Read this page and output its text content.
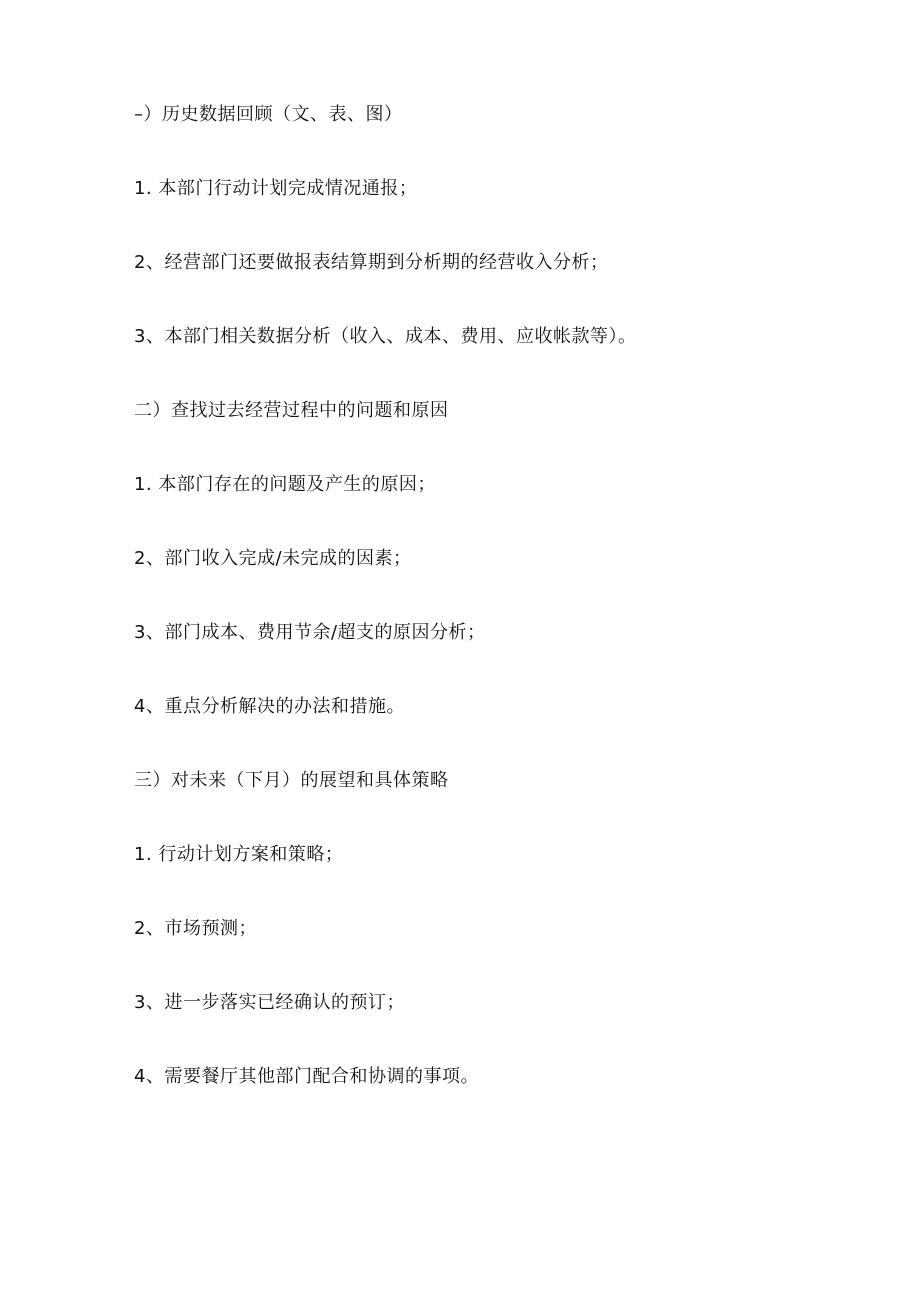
–）历史数据回顾（文、表、图）
1. 本部门行动计划完成情况通报；
2、经营部门还要做报表结算期到分析期的经营收入分析；
3、本部门相关数据分析（收入、成本、费用、应收帐款等）。
二）查找过去经营过程中的问题和原因
1. 本部门存在的问题及产生的原因；
2、部门收入完成/未完成的因素；
3、部门成本、费用节余/超支的原因分析；
4、重点分析解决的办法和措施。
三）对未来（下月）的展望和具体策略
1. 行动计划方案和策略；
2、市场预测；
3、进一步落实已经确认的预订；
4、需要餐厅其他部门配合和协调的事项。
